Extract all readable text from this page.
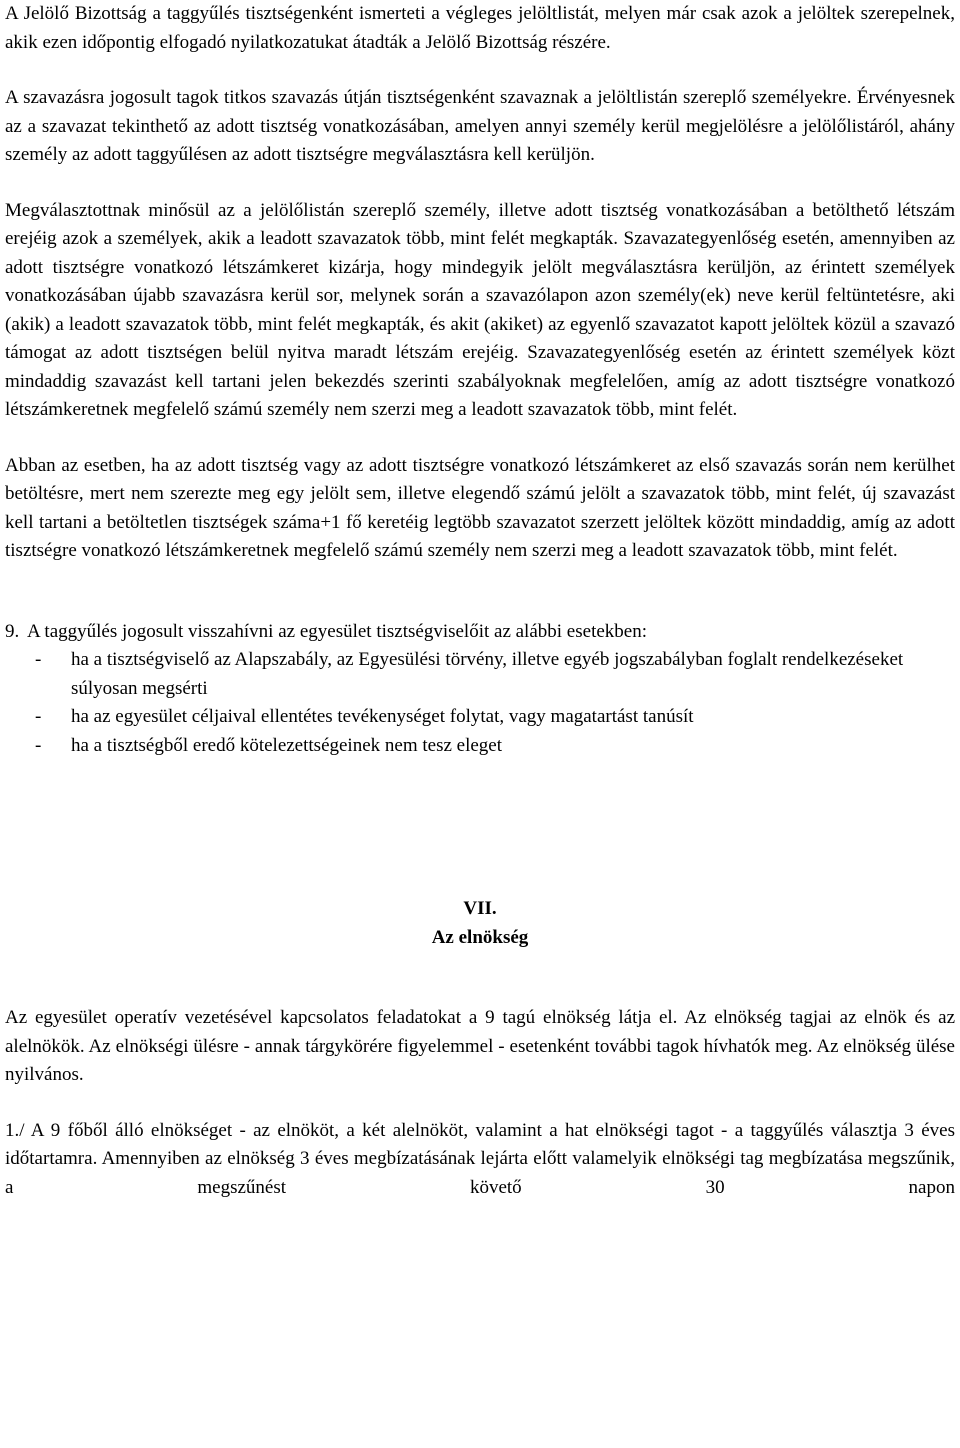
A Jelölő Bizottság a taggyűlés tisztségenként ismerteti a végleges jelöltlistát, melyen már csak azok a jelöltek szerepelnek, akik ezen időpontig elfogadó nyilatkozatukat átadták a Jelölő Bizottság részére.

A szavazásra jogosult tagok titkos szavazás útján tisztségenként szavaznak a jelöltlistán szereplő személyekre. Érvényesnek az a szavazat tekinthető az adott tisztség vonatkozásában, amelyen annyi személy kerül megjelölésre a jelölőlistáról, ahány személy az adott taggyűlésen az adott tisztségre megválasztásra kell kerüljön.

Megválasztottnak minősül az a jelölőlistán szereplő személy, illetve adott tisztség vonatkozásában a betölthető létszám erejéig azok a személyek, akik a leadott szavazatok több, mint felét megkapták. Szavazategyenlőség esetén, amennyiben az adott tisztségre vonatkozó létszámkeret kizárja, hogy mindegyik jelölt megválasztásra kerüljön, az érintett személyek vonatkozásában újabb szavazásra kerül sor, melynek során a szavazólapon azon személy(ek) neve kerül feltüntetésre, aki (akik) a leadott szavazatok több, mint felét megkapták, és akit (akiket) az egyenlő szavazatot kapott jelöltek közül a szavazó támogat az adott tisztségen belül nyitva maradt létszám erejéig. Szavazategyenlőség esetén az érintett személyek közt mindaddig szavazást kell tartani jelen bekezdés szerinti szabályoknak megfelelően, amíg az adott tisztségre vonatkozó létszámkeretnek megfelelő számú személy nem szerzi meg a leadott szavazatok több, mint felét.

Abban az esetben, ha az adott tisztség vagy az adott tisztségre vonatkozó létszámkeret az első szavazás során nem kerülhet betöltésre, mert nem szerezte meg egy jelölt sem, illetve elegendő számú jelölt a szavazatok több, mint felét, új szavazást kell tartani a betöltetlen tisztségek száma+1 fő keretéig legtöbb szavazatot szerzett jelöltek között mindaddig, amíg az adott tisztségre vonatkozó létszámkeretnek megfelelő számú személy nem szerzi meg a leadott szavazatok több, mint felét.

9. A taggyűlés jogosult visszahívni az egyesület tisztségviselőit az alábbi esetekben:

-	ha a tisztségviselő az Alapszabály, az Egyesülési törvény, illetve egyéb jogszabályban foglalt rendelkezéseket súlyosan megsérti
-	ha az egyesület céljaival ellentétes tevékenységet folytat, vagy magatartást tanúsít
-	ha a tisztségből eredő kötelezettségeinek nem tesz eleget

VII.

Az elnökség

Az egyesület operatív vezetésével kapcsolatos feladatokat a 9 tagú elnökség látja el. Az elnökség tagjai az elnök és az alelnökök. Az elnökségi ülésre - annak tárgykörére figyelemmel - esetenként további tagok hívhatók meg. Az elnökség ülése nyilvános.

1./ A 9 főből álló elnökséget - az elnököt, a két alelnököt, valamint a hat elnökségi tagot - a taggyűlés választja 3 éves időtartamra. Amennyiben az elnökség 3 éves megbízatásának lejárta előtt valamelyik elnökségi tag megbízatása megszűnik, a megszűnést követő 30 napon
